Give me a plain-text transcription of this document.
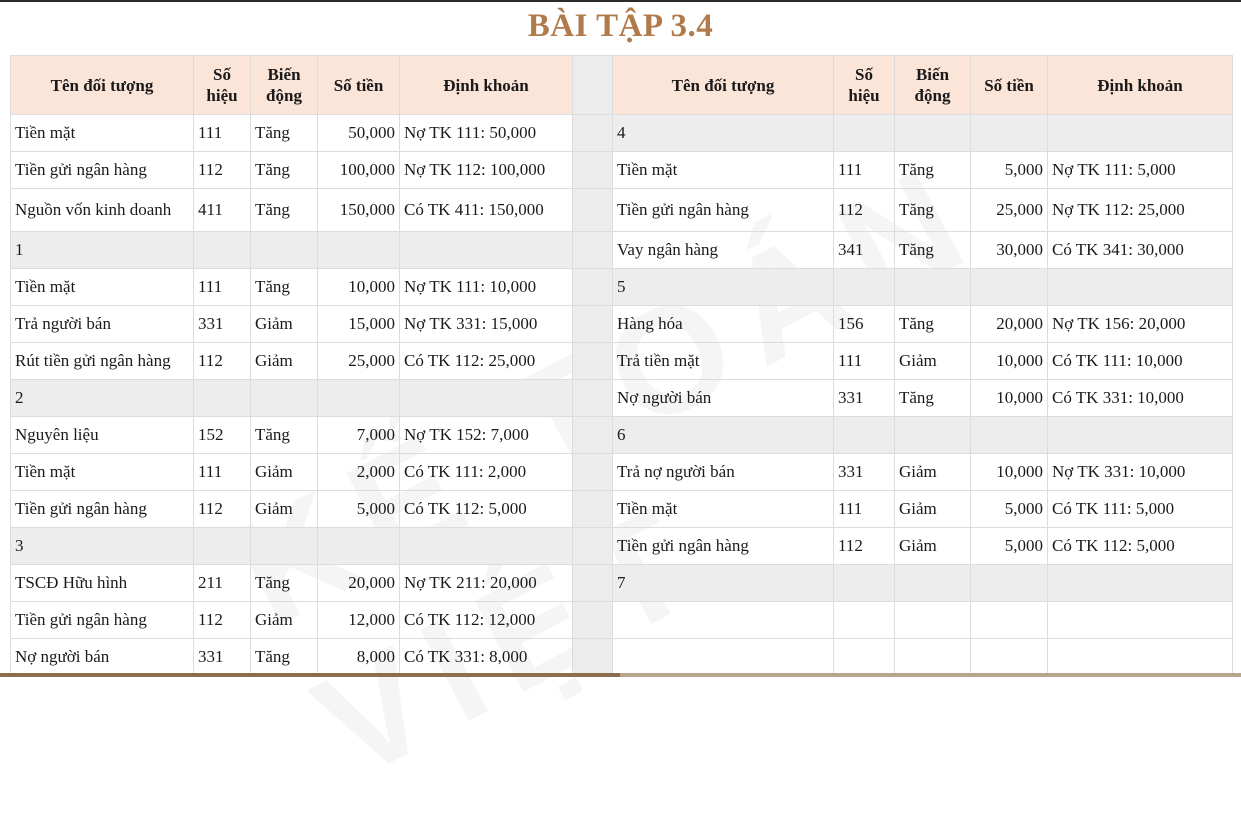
BÀI TẬP 3.4
Tên đối tượng	Số hiệu	Biến động	Số tiền	Định khoản		Tên đối tượng	Số hiệu	Biến động	Số tiền	Định khoản
Tiền mặt	111	Tăng	50,000	Nợ TK 111: 50,000		4				
Tiền gửi ngân hàng	112	Tăng	100,000	Nợ TK 112: 100,000		Tiền mặt	111	Tăng	5,000	Nợ TK 111: 5,000
Nguồn vốn kinh doanh	411	Tăng	150,000	Có TK 411: 150,000		Tiền gửi ngân hàng	112	Tăng	25,000	Nợ TK 112: 25,000
1						Vay ngân hàng	341	Tăng	30,000	Có TK 341: 30,000
Tiền mặt	111	Tăng	10,000	Nợ TK 111: 10,000		5				
Trả người bán	331	Giảm	15,000	Nợ TK 331: 15,000		Hàng hóa	156	Tăng	20,000	Nợ TK 156: 20,000
Rút tiền gửi ngân hàng	112	Giảm	25,000	Có TK 112: 25,000		Trả tiền mặt	111	Giảm	10,000	Có TK 111: 10,000
2						Nợ người bán	331	Tăng	10,000	Có TK 331: 10,000
Nguyên liệu	152	Tăng	7,000	Nợ TK 152: 7,000		6				
Tiền mặt	111	Giảm	2,000	Có TK 111: 2,000		Trả nợ người bán	331	Giảm	10,000	Nợ TK 331: 10,000
Tiền gửi ngân hàng	112	Giảm	5,000	Có TK 112: 5,000		Tiền mặt	111	Giảm	5,000	Có TK 111: 5,000
3						Tiền gửi ngân hàng	112	Giảm	5,000	Có TK 112: 5,000
TSCĐ Hữu hình	211	Tăng	20,000	Nợ TK 211: 20,000		7				
Tiền gửi ngân hàng	112	Giảm	12,000	Có TK 112: 12,000						
Nợ người bán	331	Tăng	8,000	Có TK 331: 8,000						
